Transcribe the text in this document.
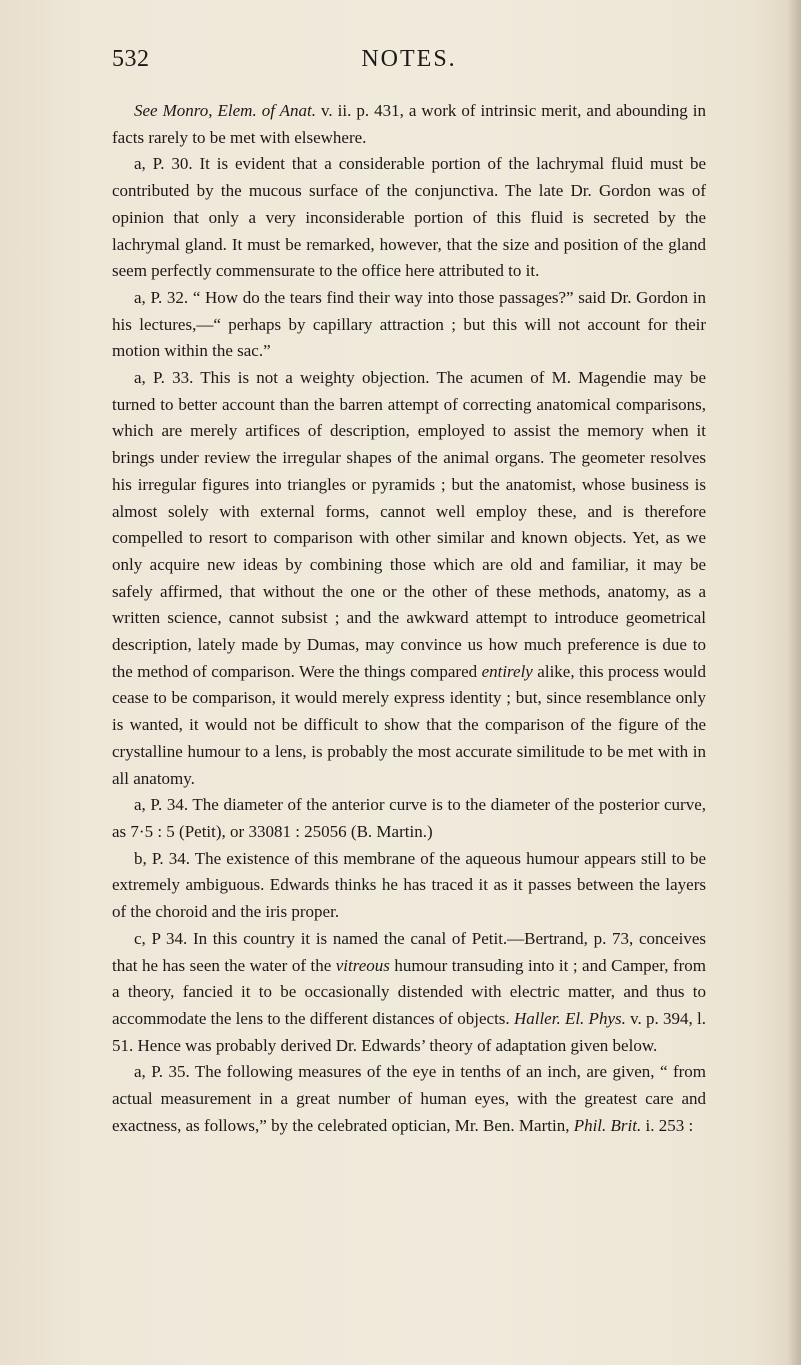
532	NOTES.

See Monro, Elem. of Anat. v. ii. p. 431, a work of intrinsic merit, and abounding in facts rarely to be met with elsewhere.

a, P. 30. It is evident that a considerable portion of the lachrymal fluid must be contributed by the mucous surface of the conjunctiva. The late Dr. Gordon was of opinion that only a very inconsiderable portion of this fluid is secreted by the lachrymal gland. It must be remarked, however, that the size and position of the gland seem perfectly commensurate to the office here attributed to it.

a, P. 32. “ How do the tears find their way into those passages?” said Dr. Gordon in his lectures,—“ perhaps by capillary attraction ; but this will not account for their motion within the sac.”

a, P. 33. This is not a weighty objection. The acumen of M. Magendie may be turned to better account than the barren attempt of correcting anatomical comparisons, which are merely artifices of description, employed to assist the memory when it brings under review the irregular shapes of the animal organs. The geometer resolves his irregular figures into triangles or pyramids ; but the anatomist, whose business is almost solely with external forms, cannot well employ these, and is therefore compelled to resort to comparison with other similar and known objects. Yet, as we only acquire new ideas by combining those which are old and familiar, it may be safely affirmed, that without the one or the other of these methods, anatomy, as a written science, cannot subsist ; and the awkward attempt to introduce geometrical description, lately made by Dumas, may convince us how much preference is due to the method of comparison. Were the things compared entirely alike, this process would cease to be comparison, it would merely express identity ; but, since resemblance only is wanted, it would not be difficult to show that the comparison of the figure of the crystalline humour to a lens, is probably the most accurate similitude to be met with in all anatomy.

a, P. 34. The diameter of the anterior curve is to the diameter of the posterior curve, as 7·5 : 5 (Petit), or 33081 : 25056 (B. Martin.)

b, P. 34. The existence of this membrane of the aqueous humour appears still to be extremely ambiguous. Edwards thinks he has traced it as it passes between the layers of the choroid and the iris proper.

c, P 34. In this country it is named the canal of Petit.—Bertrand, p. 73, conceives that he has seen the water of the vitreous humour transuding into it ; and Camper, from a theory, fancied it to be occasionally distended with electric matter, and thus to accommodate the lens to the different distances of objects. Haller. El. Phys. v. p. 394, l. 51. Hence was probably derived Dr. Edwards’ theory of adaptation given below.

a, P. 35. The following measures of the eye in tenths of an inch, are given, “ from actual measurement in a great number of human eyes, with the greatest care and exactness, as follows,” by the celebrated optician, Mr. Ben. Martin, Phil. Brit. i. 253 :
